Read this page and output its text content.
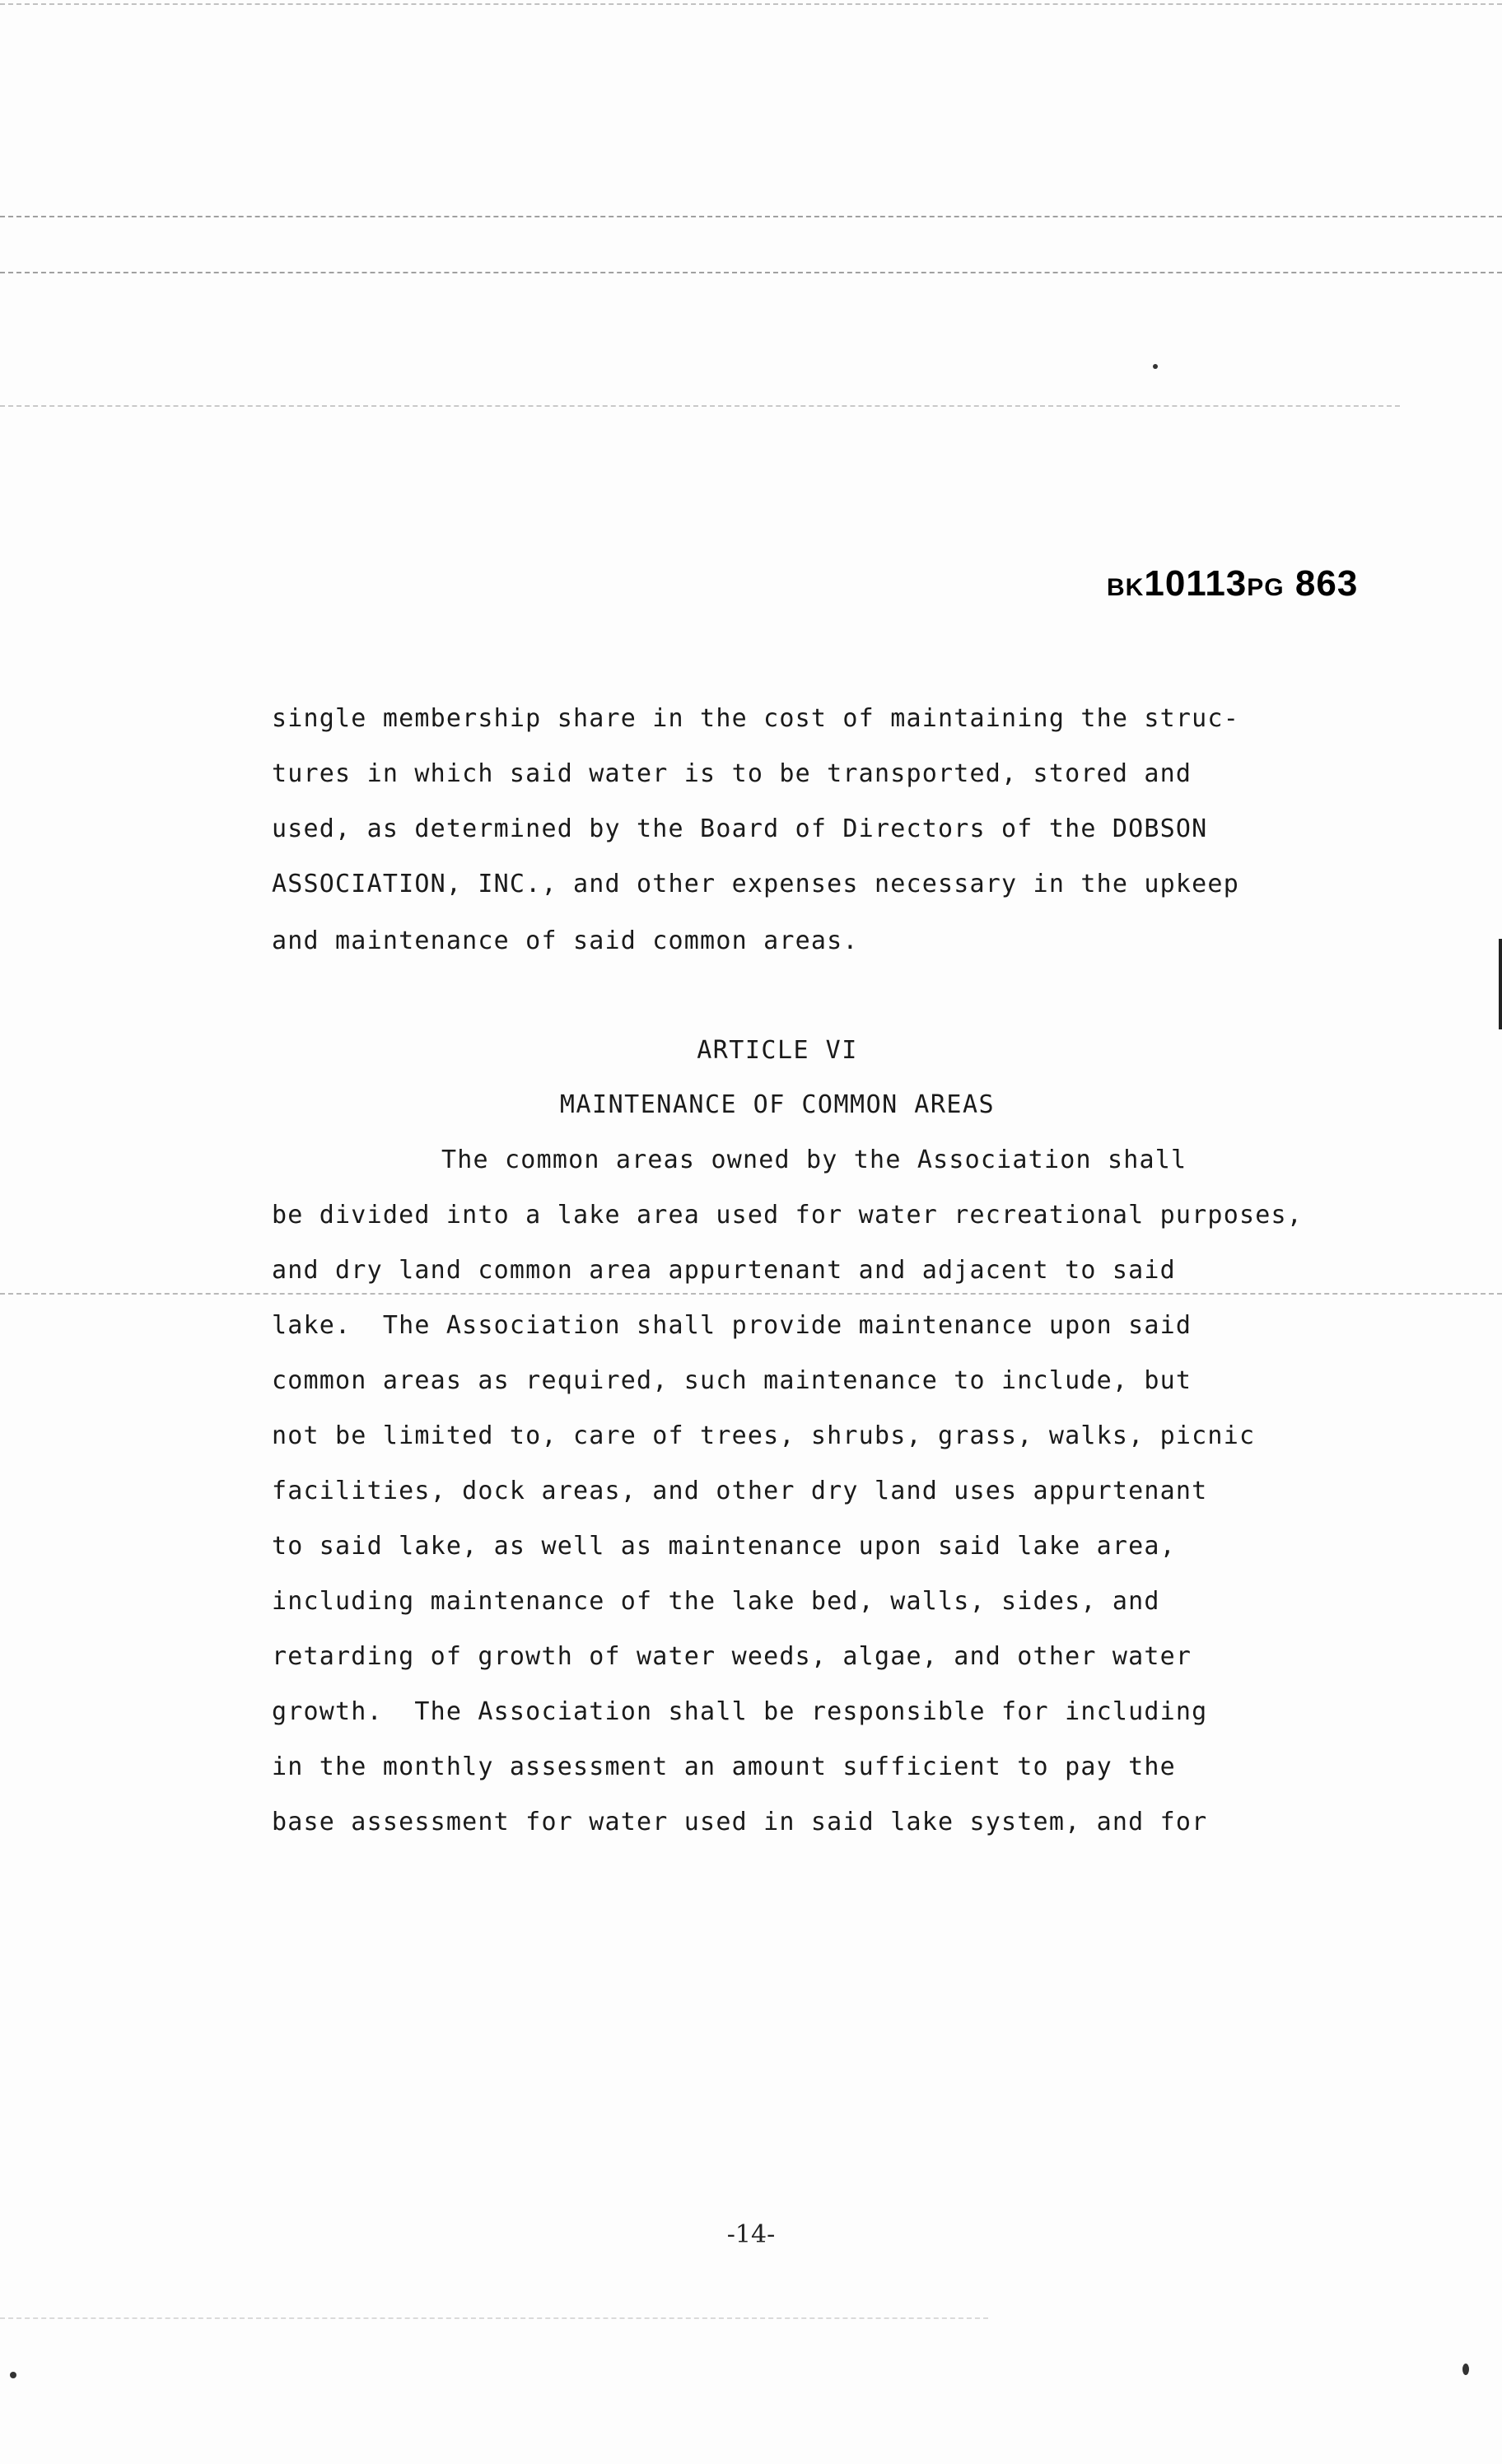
BK10113PG 863
single membership share in the cost of maintaining the struc-
tures in which said water is to be transported, stored and
used, as determined by the Board of Directors of the DOBSON
ASSOCIATION, INC., and other expenses necessary in the upkeep
and maintenance of said common areas.
ARTICLE VI
MAINTENANCE OF COMMON AREAS
The common areas owned by the Association shall
be divided into a lake area used for water recreational purposes,
and dry land common area appurtenant and adjacent to said
lake.  The Association shall provide maintenance upon said
common areas as required, such maintenance to include, but
not be limited to, care of trees, shrubs, grass, walks, picnic
facilities, dock areas, and other dry land uses appurtenant
to said lake, as well as maintenance upon said lake area,
including maintenance of the lake bed, walls, sides, and
retarding of growth of water weeds, algae, and other water
growth.  The Association shall be responsible for including
in the monthly assessment an amount sufficient to pay the
base assessment for water used in said lake system, and for
-14-
